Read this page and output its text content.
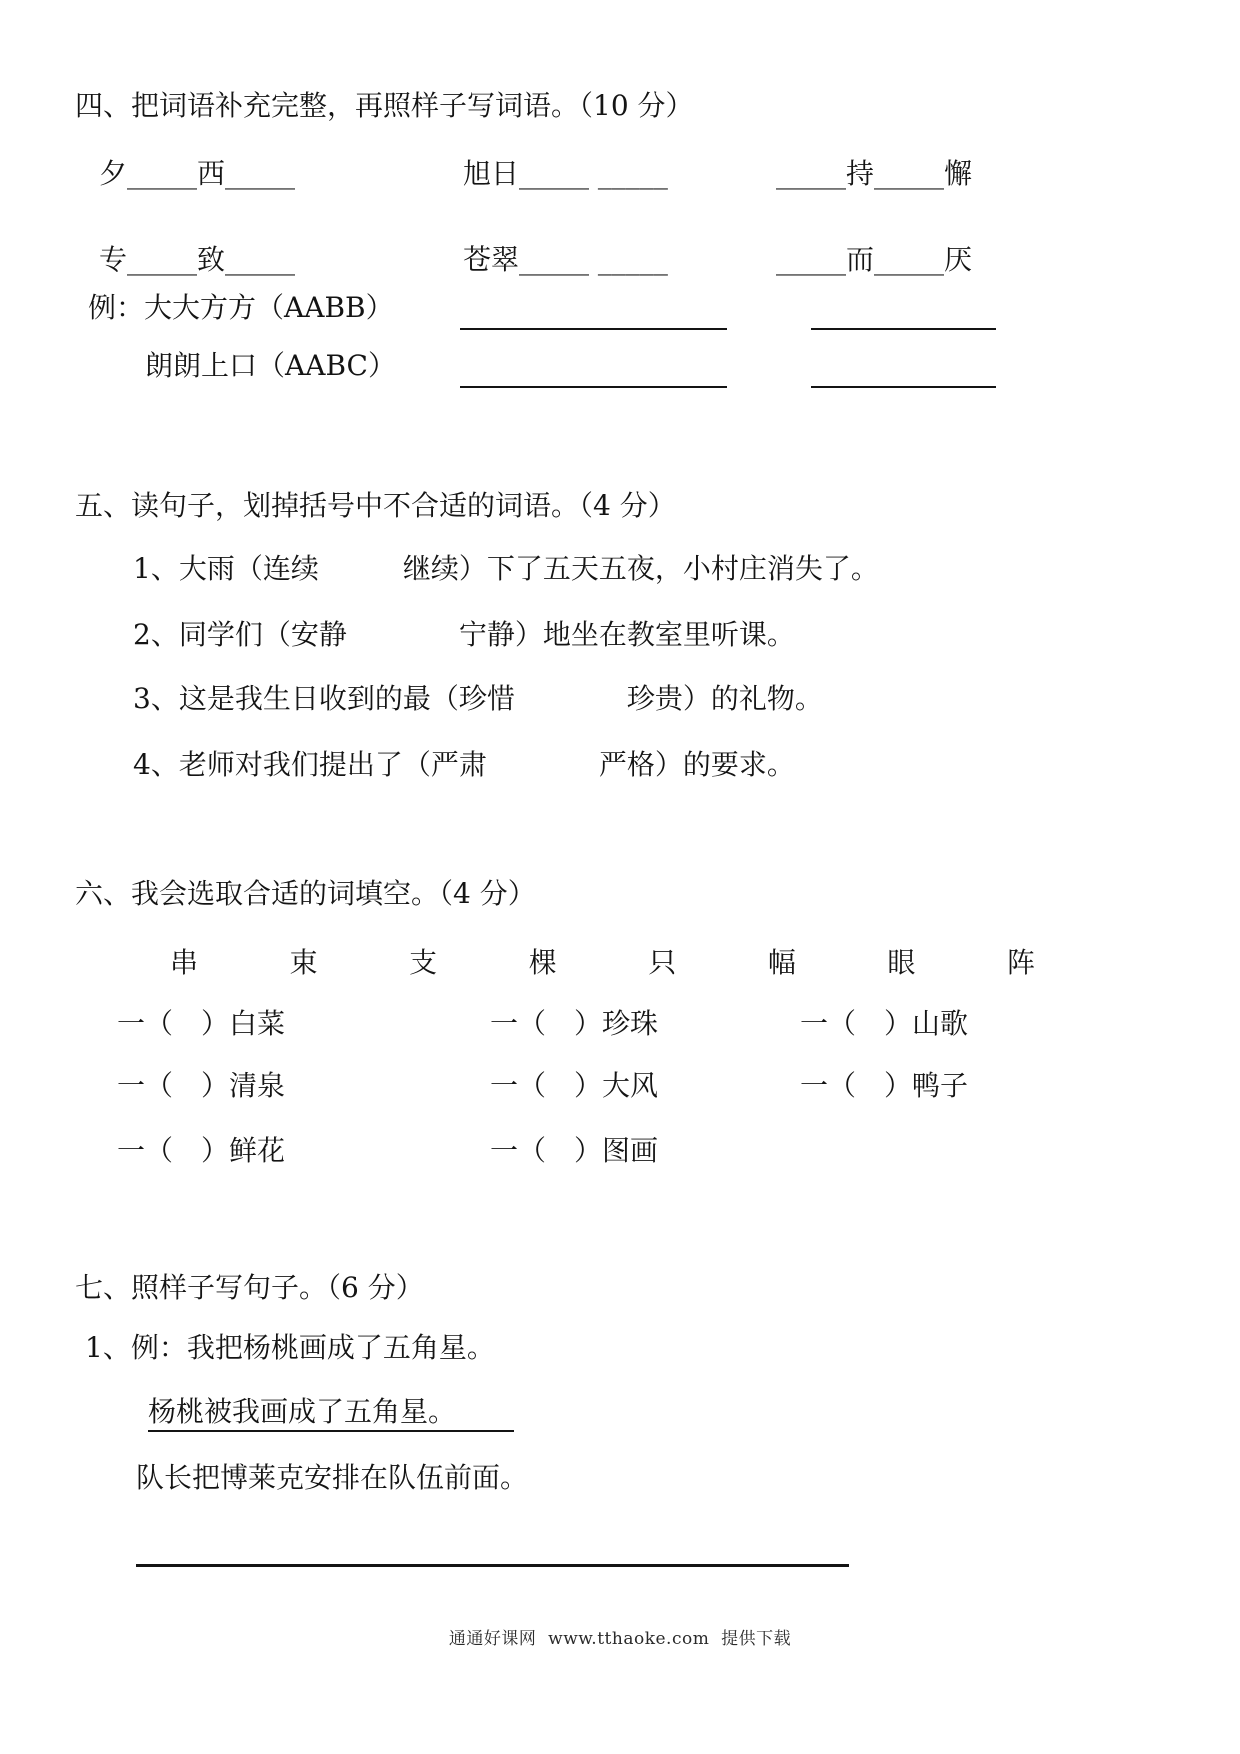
四、把词语补充完整，再照样子写词语。（10 分）
夕_____西_____	旭日_____ _____	_____持_____懈
专_____致_____	苍翠_____ _____	_____而_____厌
例：大大方方（AABB）
朗朗上口（AABC）
五、读句子，划掉括号中不合适的词语。（4 分）
1、大雨（连续　　　继续）下了五天五夜，小村庄消失了。
2、同学们（安静　　　　宁静）地坐在教室里听课。
3、这是我生日收到的最（珍惜　　　　珍贵）的礼物。
4、老师对我们提出了（严肃　　　　严格）的要求。
六、我会选取合适的词填空。（4 分）
串	束	支	棵	只	幅	眼	阵
一（　）白菜	一（　）珍珠	一（　）山歌
一（　）清泉	一（　）大风	一（　）鸭子
一（　）鲜花	一（　）图画
七、照样子写句子。（6 分）
1、例：我把杨桃画成了五角星。
杨桃被我画成了五角星。
队长把博莱克安排在队伍前面。
通通好课网  www.tthaoke.com  提供下载
